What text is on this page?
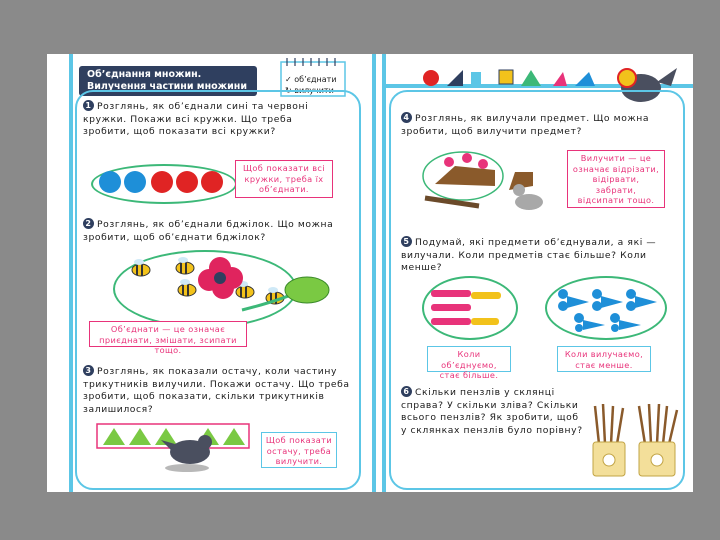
Об’єднання множин.
Вилучення частини множини
✓ об’єднати
↻ вилучити
1 Розглянь, як об’єднали сині та червоні кружки. Покажи всі кружки. Що треба зробити, щоб показати всі кружки?
Щоб показати всі кружки, треба їх об’єднати.
2 Розглянь, як об’єднали бджілок. Що можна зробити, щоб об’єднати бджілок?
Об’єднати — це означає приєднати, змішати, зсипати тощо.
3 Розглянь, як показали остачу, коли частину трикутників вилучили. Покажи остачу. Що треба зробити, щоб показати, скільки трикутників залишилося?
Щоб показати остачу, треба вилучити.
4 Розглянь, як вилучали предмет. Що можна зробити, щоб вилучити предмет?
Вилучити — це означає відрізати, відірвати, забрати, відсипати тощо.
5 Подумай, які предмети об’єднували, а які — вилучали. Коли предметів стає більше? Коли менше?
Коли об’єднуємо, стає більше.
Коли вилучаємо, стає менше.
6 Скільки пензлів у склянці справа? У скільки зліва? Скільки всього пензлів? Як зробити, щоб у склянках пензлів було порівну?
